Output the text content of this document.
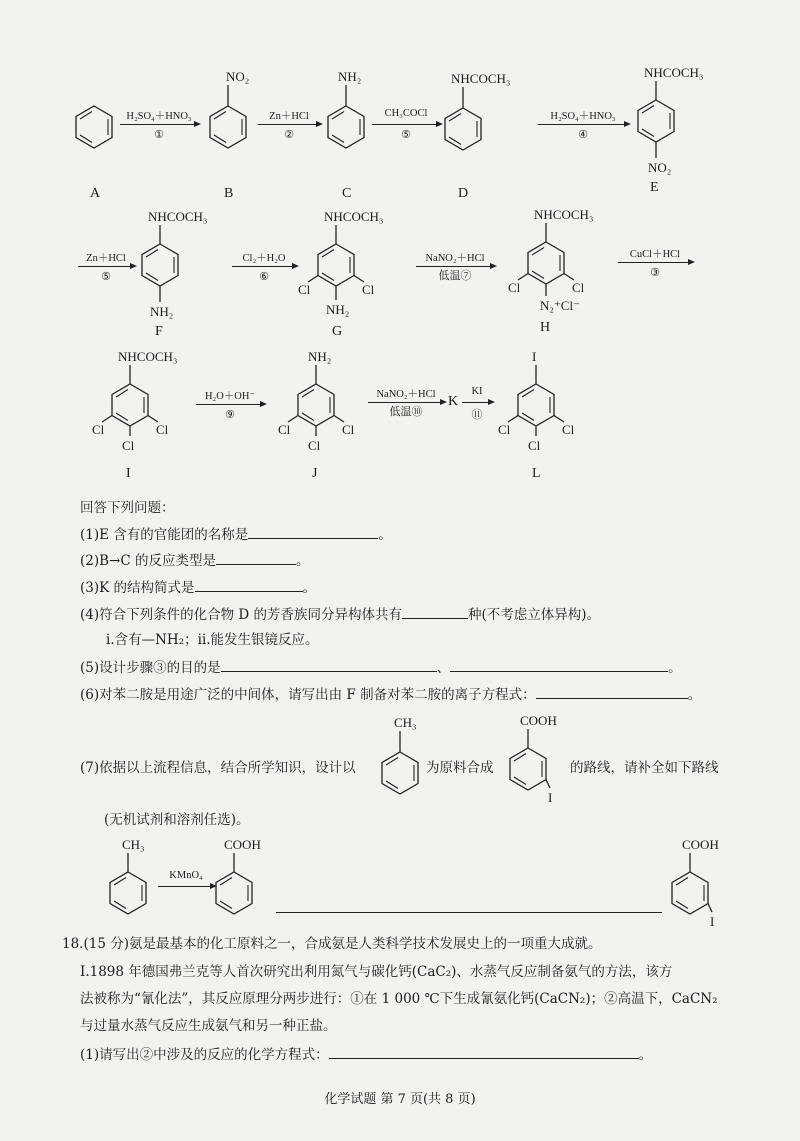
A
H₂SO₄＋HNO₃
①
NO₂
B
Zn＋HCl
②
NH₂
C
CH₃COCl
⑤
NHCOCH₃
D
H₂SO₄＋HNO₃
④
NHCOCH₃
NO₂
E
Zn＋HCl
⑤
NHCOCH₃
NH₂
F
Cl₂＋H₂O
⑥
NHCOCH₃
Cl	Cl
NH₂
G
NaNO₂＋HCl
低温⑦
NHCOCH₃
Cl	Cl
N₂⁺Cl⁻
H
CuCl＋HCl
③
NHCOCH₃
Cl	Cl
Cl
I
H₂O＋OH⁻
⑨
NH₂
Cl	Cl
Cl
J
NaNO₂＋HCl
低温⑩
K
KI
⑪
I
Cl	Cl
Cl
L
回答下列问题：
(1)E 含有的官能团的名称是	。
(2)B→C 的反应类型是	。
(3)K 的结构简式是	。
(4)符合下列条件的化合物 D 的芳香族同分异构体共有	种(不考虑立体异构)。
ⅰ.含有—NH₂；ⅱ.能发生银镜反应。
(5)设计步骤③的目的是	、	。
(6)对苯二胺是用途广泛的中间体，请写出由 F 制备对苯二胺的离子方程式：	。
(7)依据以上流程信息，结合所学知识，设计以
CH₃
为原料合成
COOH
I
的路线，请补全如下路线
(无机试剂和溶剂任选)。
CH₃
KMnO₄
COOH	COOH
I
18.(15 分)氨是最基本的化工原料之一，合成氨是人类科学技术发展史上的一项重大成就。
Ⅰ.1898 年德国弗兰克等人首次研究出利用氮气与碳化钙(CaC₂)、水蒸气反应制备氨气的方法，该方
法被称为“氰化法”，其反应原理分两步进行：①在 1 000 ℃下生成氰氨化钙(CaCN₂)；②高温下，CaCN₂
与过量水蒸气反应生成氨气和另一种正盐。
(1)请写出②中涉及的反应的化学方程式：	。
化学试题 第 7 页(共 8 页)
